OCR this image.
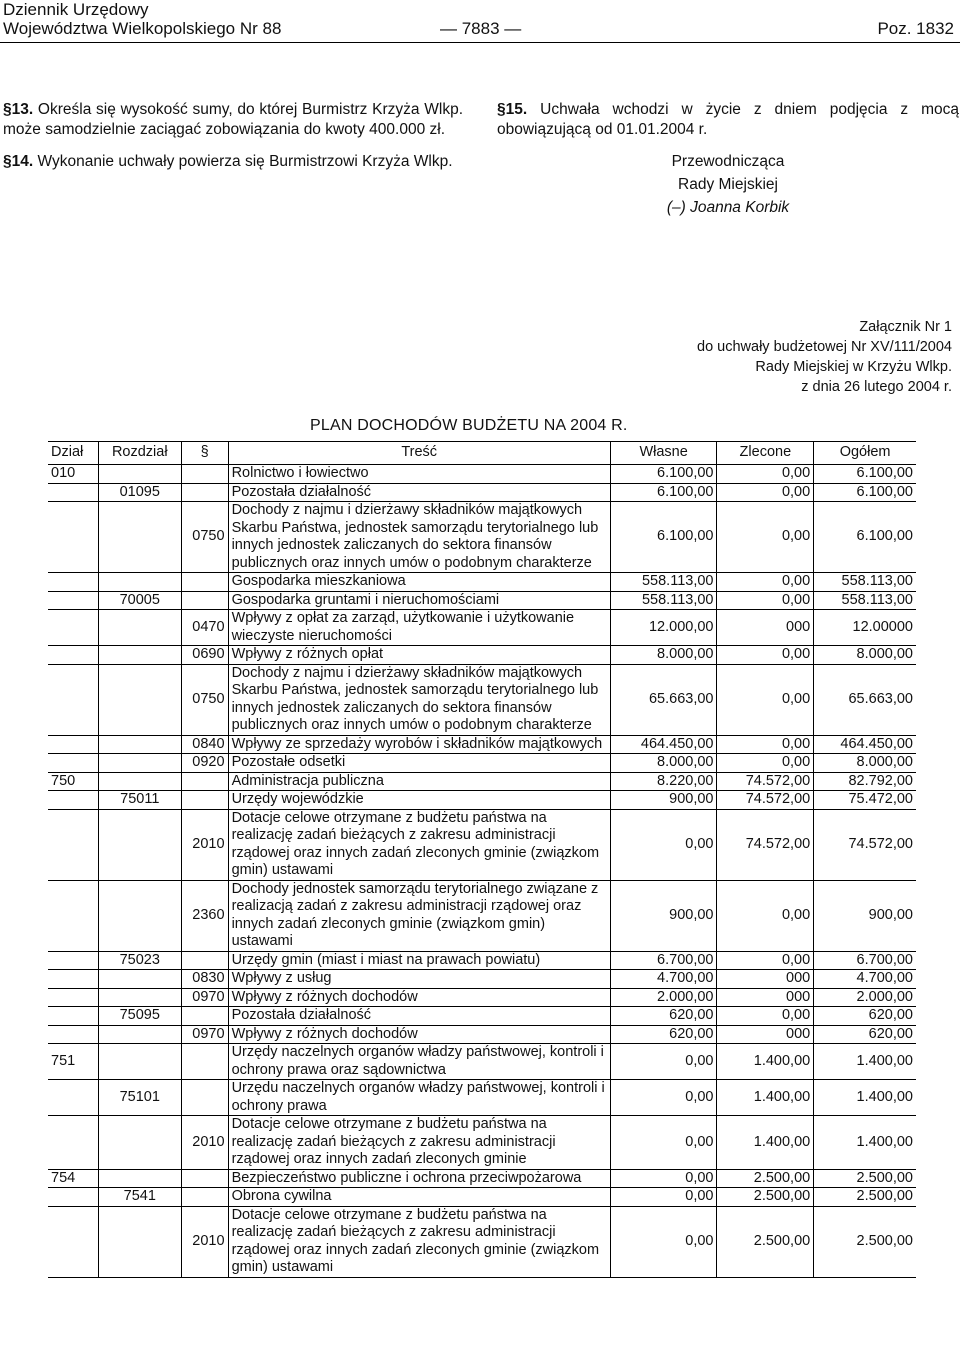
Dziennik Urzędowy
Województwa Wielkopolskiego Nr 88	— 7883 —	Poz. 1832

§13. Określa się wysokość sumy, do której Burmistrz Krzyża Wlkp. może samodzielnie zaciągać zobowiązania do kwoty 400.000 zł.

§14. Wykonanie uchwały powierza się Burmistrzowi Krzyża Wlkp.

§15. Uchwała wchodzi w życie z dniem podjęcia z mocą obowiązującą od 01.01.2004 r.

Przewodnicząca
Rady Miejskiej
(–) Joanna Korbik
Załącznik Nr 1
do uchwały budżetowej Nr XV/111/2004
Rady Miejskiej w Krzyżu Wlkp.
z dnia 26 lutego 2004 r.
PLAN DOCHODÓW BUDŻETU NA 2004 R.
Dział	Rozdział	§	Treść	Własne	Zlecone	Ogółem
010			Rolnictwo i łowiectwo	6.100,00	0,00	6.100,00
	01095		Pozostała działalność	6.100,00	0,00	6.100,00
		0750	Dochody z najmu i dzierżawy składników majątkowych Skarbu Państwa, jednostek samorządu terytorialnego lub innych jednostek zaliczanych do sektora finansów publicznych oraz innych umów o podobnym charakterze	6.100,00	0,00	6.100,00
			Gospodarka mieszkaniowa	558.113,00	0,00	558.113,00
	70005		Gospodarka gruntami i nieruchomościami	558.113,00	0,00	558.113,00
		0470	Wpływy z opłat za zarząd, użytkowanie i użytkowanie wieczyste nieruchomości	12.000,00	000	12.00000
		0690	Wpływy z różnych opłat	8.000,00	0,00	8.000,00
		0750	Dochody z najmu i dzierżawy składników majątkowych Skarbu Państwa, jednostek samorządu terytorialnego lub innych jednostek zaliczanych do sektora finansów publicznych oraz innych umów o podobnym charakterze	65.663,00	0,00	65.663,00
		0840	Wpływy ze sprzedaży wyrobów i składników majątkowych	464.450,00	0,00	464.450,00
		0920	Pozostałe odsetki	8.000,00	0,00	8.000,00
750			Administracja publiczna	8.220,00	74.572,00	82.792,00
	75011		Urzędy wojewódzkie	900,00	74.572,00	75.472,00
		2010	Dotacje celowe otrzymane z budżetu państwa na realizację zadań bieżących z zakresu administracji rządowej oraz innych zadań zleconych gminie (związkom gmin) ustawami	0,00	74.572,00	74.572,00
		2360	Dochody jednostek samorządu terytorialnego związane z realizacją zadań z zakresu administracji rządowej oraz innych zadań zleconych gminie (związkom gmin) ustawami	900,00	0,00	900,00
	75023		Urzędy gmin (miast i miast na prawach powiatu)	6.700,00	0,00	6.700,00
		0830	Wpływy z usług	4.700,00	000	4.700,00
		0970	Wpływy z różnych dochodów	2.000,00	000	2.000,00
	75095		Pozostała działalność	620,00	0,00	620,00
		0970	Wpływy z różnych dochodów	620,00	000	620,00
751			Urzędy naczelnych organów władzy państwowej, kontroli i ochrony prawa oraz sądownictwa	0,00	1.400,00	1.400,00
	75101		Urzędu naczelnych organów władzy państwowej, kontroli i ochrony prawa	0,00	1.400,00	1.400,00
		2010	Dotacje celowe otrzymane z budżetu państwa na realizację zadań bieżących z zakresu administracji rządowej oraz innych zadań zleconych gminie	0,00	1.400,00	1.400,00
754			Bezpieczeństwo publiczne i ochrona przeciwpożarowa	0,00	2.500,00	2.500,00
	7541		Obrona cywilna	0,00	2.500,00	2.500,00
		2010	Dotacje celowe otrzymane z budżetu państwa na realizację zadań bieżących z zakresu administracji rządowej oraz innych zadań zleconych gminie (związkom gmin) ustawami	0,00	2.500,00	2.500,00
